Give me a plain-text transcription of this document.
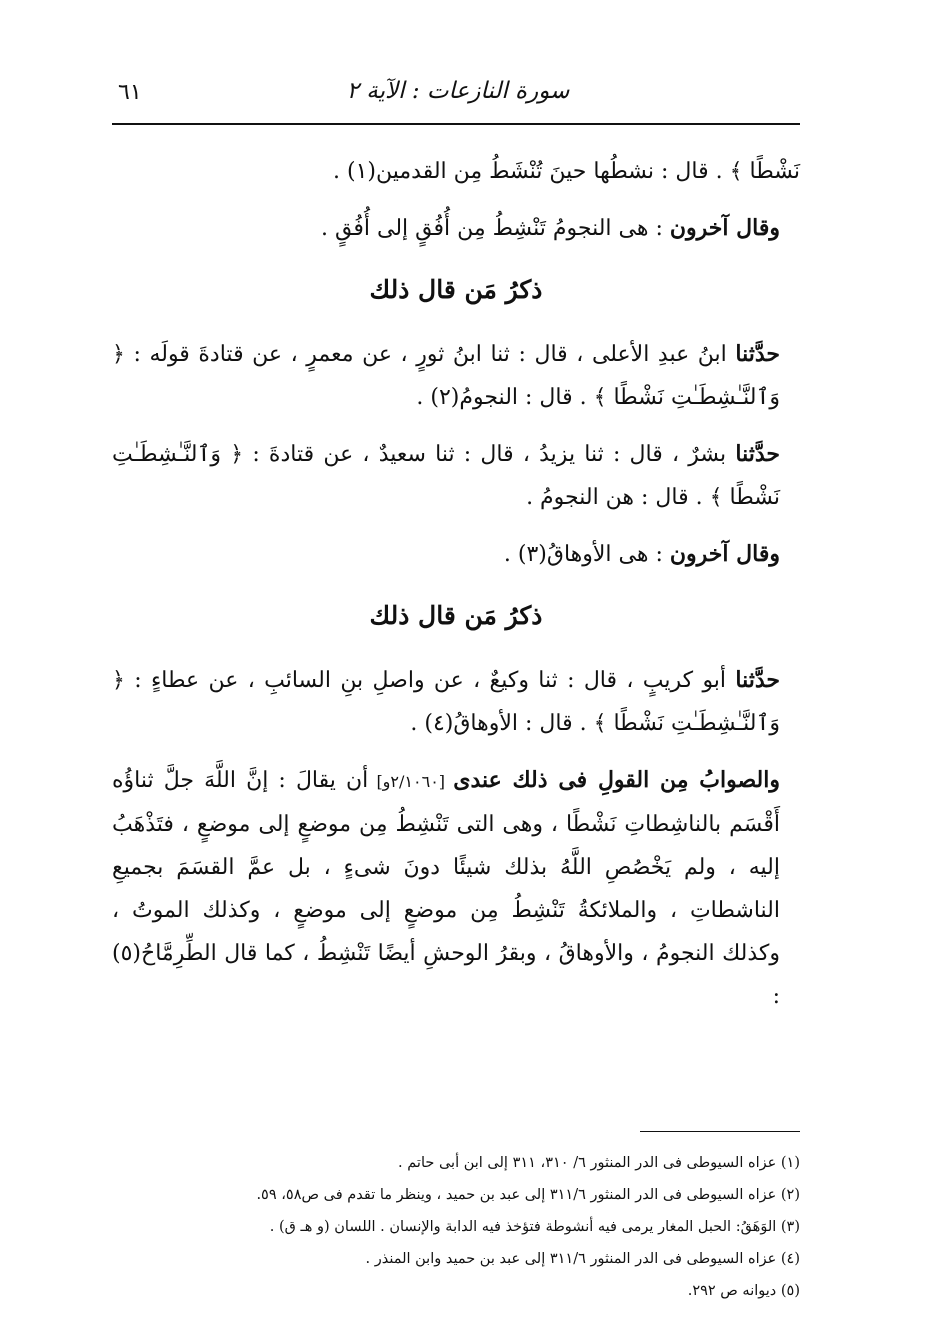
سورة النازعات : الآية ٢
٦١

نَشْطًا ﴾ . قال : نشطُها حينَ تُنْشَطُ مِن القدمين(١) .

وقال آخرون : هى النجومُ تَنْشِطُ مِن أُفُقٍ إلى أُفُقٍ .

ذكرُ مَن قال ذلك

حدَّثنا ابنُ عبدِ الأعلى ، قال : ثنا ابنُ ثورٍ ، عن معمرٍ ، عن قتادةَ قولَه : ﴿ وَٱلنَّـٰشِطَـٰتِ نَشْطًا ﴾ . قال : النجومُ(٢) .

حدَّثنا بشرٌ ، قال : ثنا يزيدُ ، قال : ثنا سعيدٌ ، عن قتادةَ : ﴿ وَٱلنَّـٰشِطَـٰتِ نَشْطًا ﴾ . قال : هن النجومُ .

وقال آخرون : هى الأوهاقُ(٣) .

ذكرُ مَن قال ذلك

حدَّثنا أبو كريبٍ ، قال : ثنا وكيعٌ ، عن واصلِ بنِ السائبِ ، عن عطاءٍ : ﴿ وَٱلنَّـٰشِطَـٰتِ نَشْطًا ﴾ . قال : الأوهاقُ(٤) .

والصوابُ مِن القولِ فى ذلك عندى [٢/١٠٦٠و] أن يقالَ : إنَّ اللَّهَ جلَّ ثناؤُه أَقْسَم بالناشِطاتِ نَشْطًا ، وهى التى تَنْشِطُ مِن موضعٍ إلى موضعٍ ، فتَذْهَبُ إليه ، ولم يَخْصُصِ اللَّهُ بذلك شيئًا دونَ شىءٍ ، بل عمَّ القسَمَ بجميعِ الناشطاتِ ، والملائكةُ تَنْشِطُ مِن موضعٍ إلى موضعٍ ، وكذلك الموتُ ، وكذلك النجومُ ، والأوهاقُ ، وبقرُ الوحشِ أيضًا تَنْشِطُ ، كما قال الطِّرِمَّاحُ(٥) :

(١) عزاه السيوطى فى الدر المنثور ٦/ ٣١٠، ٣١١ إلى ابن أبى حاتم .

(٢) عزاه السيوطى فى الدر المنثور ٣١١/٦ إلى عبد بن حميد ، وينظر ما تقدم فى ص٥٨، ٥٩.

(٣) الوَهَقُ: الحبل المغار يرمى فيه أنشوطة فتؤخذ فيه الدابة والإنسان . اللسان (و هـ ق) .

(٤) عزاه السيوطى فى الدر المنثور ٣١١/٦ إلى عبد بن حميد وابن المنذر .

(٥) ديوانه ص ٢٩٢.
